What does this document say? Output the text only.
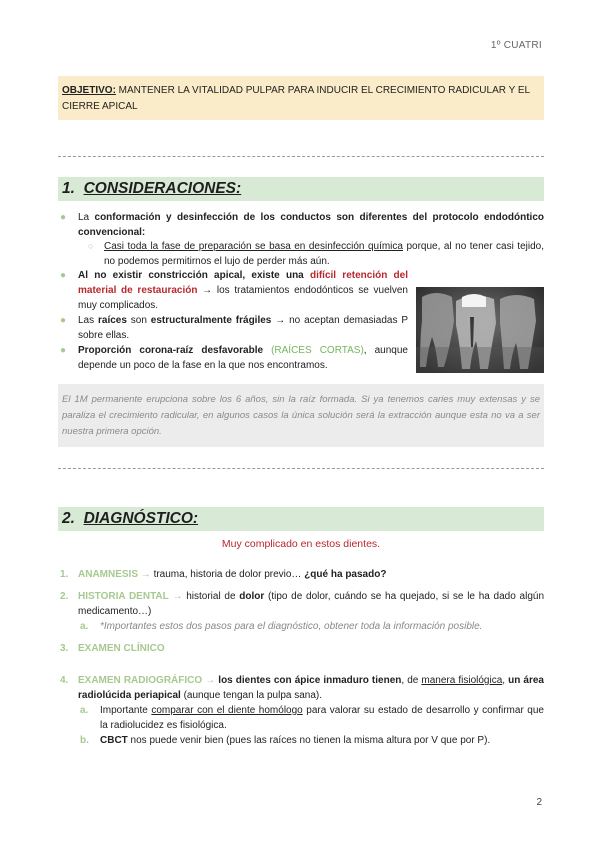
1º CUATRI
OBJETIVO: MANTENER LA VITALIDAD PULPAR PARA INDUCIR EL CRECIMIENTO RADICULAR Y EL CIERRE APICAL
1. CONSIDERACIONES:
● La conformación y desinfección de los conductos son diferentes del protocolo endodóntico convencional:
○ Casi toda la fase de preparación se basa en desinfección química porque, al no tener casi tejido, no podemos permitirnos el lujo de perder más aún.
● Al no existir constricción apical, existe una difícil retención del material de restauración → los tratamientos endodónticos se vuelven muy complicados.
● Las raíces son estructuralmente frágiles → no aceptan demasiadas P sobre ellas.
● Proporción corona-raíz desfavorable (RAÍCES CORTAS), aunque depende un poco de la fase en la que nos encontramos.
El 1M permanente erupciona sobre los 6 años, sin la raíz formada. Si ya tenemos caries muy extensas y se paraliza el crecimiento radicular, en algunos casos la única solución será la extracción aunque esta no va a ser nuestra primera opción.
2. DIAGNÓSTICO:
Muy complicado en estos dientes.
1. ANAMNESIS → trauma, historia de dolor previo… ¿qué ha pasado?
2. HISTORIA DENTAL → historial de dolor (tipo de dolor, cuándo se ha quejado, si se le ha dado algún medicamento…)
a. *Importantes estos dos pasos para el diagnóstico, obtener toda la información posible.
3. EXAMEN CLÍNICO
4. EXAMEN RADIOGRÁFICO → los dientes con ápice inmaduro tienen, de manera fisiológica, un área radiolúcida periapical (aunque tengan la pulpa sana).
a. Importante comparar con el diente homólogo para valorar su estado de desarrollo y confirmar que la radiolucidez es fisiológica.
b. CBCT nos puede venir bien (pues las raíces no tienen la misma altura por V que por P).
2
